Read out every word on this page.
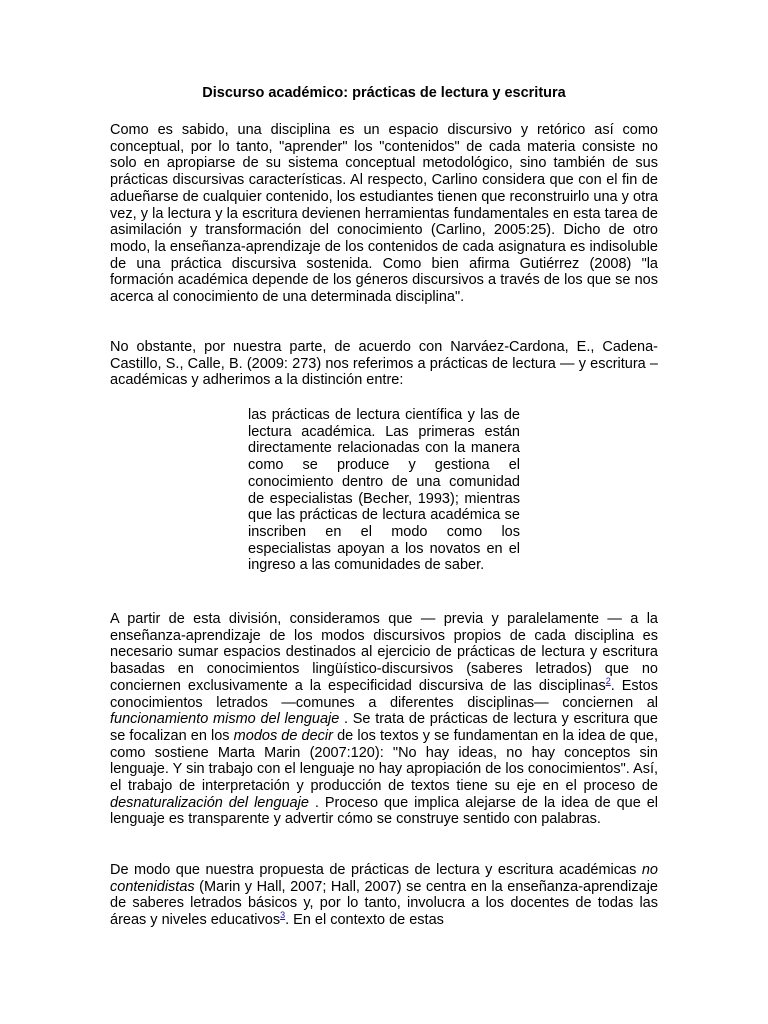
Discurso académico: prácticas de lectura y escritura

Como es sabido, una disciplina es un espacio discursivo y retórico así como conceptual, por lo tanto, "aprender" los "contenidos" de cada materia consiste no solo en apropiarse de su sistema conceptual metodológico, sino también de sus prácticas discursivas características. Al respecto, Carlino considera que con el fin de adueñarse de cualquier contenido, los estudiantes tienen que reconstruirlo una y otra vez, y la lectura y la escritura devienen herramientas fundamentales en esta tarea de asimilación y transformación del conocimiento (Carlino, 2005:25). Dicho de otro modo, la enseñanza-aprendizaje de los contenidos de cada asignatura es indisoluble de una práctica discursiva sostenida. Como bien afirma Gutiérrez (2008) "la formación académica depende de los géneros discursivos a través de los que se nos acerca al conocimiento de una determinada disciplina".

No obstante, por nuestra parte, de acuerdo con Narváez-Cardona, E., Cadena-Castillo, S., Calle, B. (2009: 273) nos referimos a prácticas de lectura — y escritura – académicas y adherimos a la distinción entre:

las prácticas de lectura científica y las de lectura académica. Las primeras están directamente relacionadas con la manera como se produce y gestiona el conocimiento dentro de una comunidad de especialistas (Becher, 1993); mientras que las prácticas de lectura académica se inscriben en el modo como los especialistas apoyan a los novatos en el ingreso a las comunidades de saber.

A partir de esta división, consideramos que — previa y paralelamente — a la enseñanza-aprendizaje de los modos discursivos propios de cada disciplina es necesario sumar espacios destinados al ejercicio de prácticas de lectura y escritura basadas en conocimientos lingüístico-discursivos (saberes letrados) que no conciernen exclusivamente a la especificidad discursiva de las disciplinas$^2$. Estos conocimientos letrados —comunes a diferentes disciplinas— conciernen al funcionamiento mismo del lenguaje . Se trata de prácticas de lectura y escritura que se focalizan en los modos de decir de los textos y se fundamentan en la idea de que, como sostiene Marta Marin (2007:120): "No hay ideas, no hay conceptos sin lenguaje. Y sin trabajo con el lenguaje no hay apropiación de los conocimientos". Así, el trabajo de interpretación y producción de textos tiene su eje en el proceso de desnaturalización del lenguaje . Proceso que implica alejarse de la idea de que el lenguaje es transparente y advertir cómo se construye sentido con palabras.

De modo que nuestra propuesta de prácticas de lectura y escritura académicas no contenidistas (Marin y Hall, 2007; Hall, 2007) se centra en la enseñanza-aprendizaje de saberes letrados básicos y, por lo tanto, involucra a los docentes de todas las áreas y niveles educativos$^3$. En el contexto de estas
